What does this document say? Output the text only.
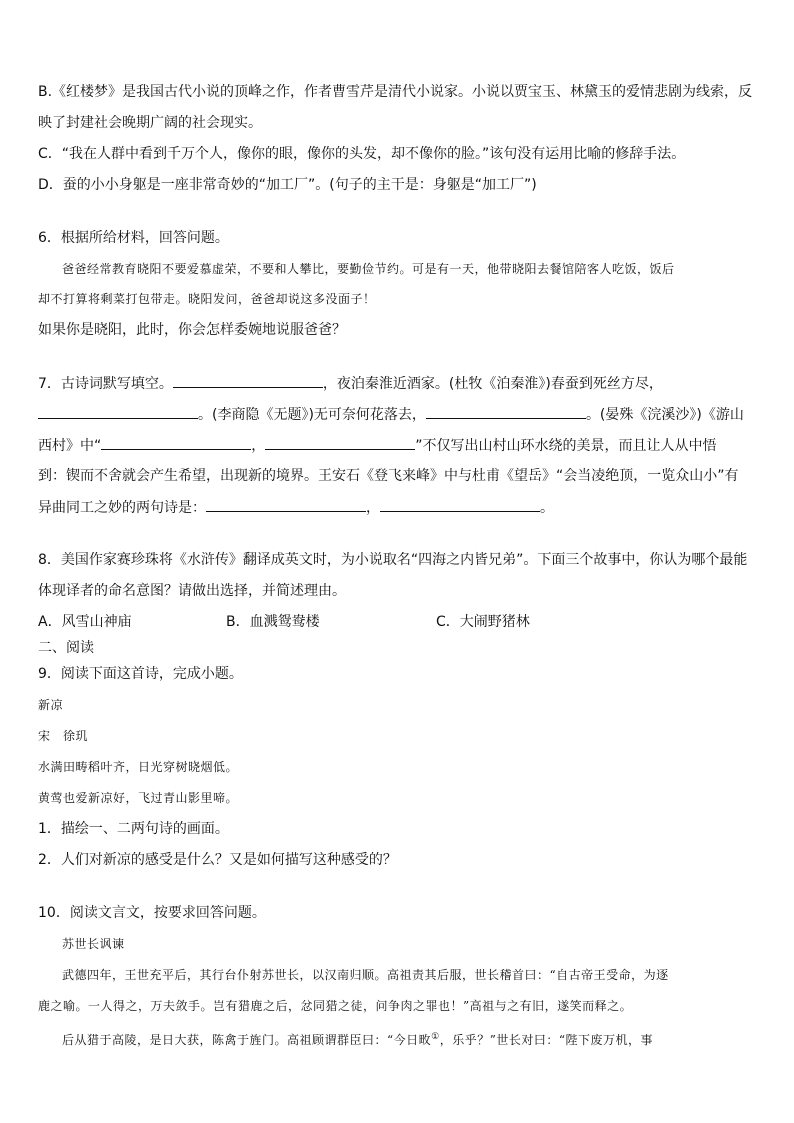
B.《红楼梦》是我国古代小说的顶峰之作，作者曹雪芹是清代小说家。小说以贾宝玉、林黛玉的爱情悲剧为线索，反
映了封建社会晚期广阔的社会现实。
C．“我在人群中看到千万个人，像你的眼，像你的头发，却不像你的脸。”该句没有运用比喻的修辞手法。
D．蚕的小小身躯是一座非常奇妙的“加工厂”。(句子的主干是：身躯是“加工厂”)
6．根据所给材料，回答问题。
爸爸经常教育晓阳不要爱慕虚荣，不要和人攀比，要勤俭节约。可是有一天，他带晓阳去餐馆陪客人吃饭，饭后
却不打算将剩菜打包带走。晓阳发问，爸爸却说这多没面子！
如果你是晓阳，此时，你会怎样委婉地说服爸爸？
7．古诗词默写填空。	，夜泊秦淮近酒家。(杜牧《泊秦淮》)春蚕到死丝方尽，
。(李商隐《无题》)无可奈何花落去，	。(晏殊《浣溪沙》)《游山
西村》中“	，	”不仅写出山村山环水绕的美景，而且让人从中悟
到：锲而不舍就会产生希望，出现新的境界。王安石《登飞来峰》中与杜甫《望岳》“会当凌绝顶，一览众山小”有
异曲同工之妙的两句诗是：	，	。
8．美国作家赛珍珠将《水浒传》翻译成英文时，为小说取名“四海之内皆兄弟”。下面三个故事中，你认为哪个最能
体现译者的命名意图？请做出选择，并简述理由。
A．风雪山神庙	B．血溅鸳鸯楼	C．大闹野猪林
二、阅读
9．阅读下面这首诗，完成小题。
新凉
宋　徐玑
水满田畴稻叶齐，日光穿树晓烟低。
黄莺也爱新凉好，飞过青山影里啼。
1．描绘一、二两句诗的画面。
2．人们对新凉的感受是什么？又是如何描写这种感受的？
10．阅读文言文，按要求回答问题。
苏世长讽谏
武德四年，王世充平后，其行台仆射苏世长，以汉南归顺。高祖责其后服，世长稽首曰：“自古帝王受命，为逐
鹿之喻。一人得之，万夫敛手。岂有猎鹿之后，忿同猎之徒，问争肉之罪也！”高祖与之有旧，遂笑而释之。
后从猎于高陵，是日大获，陈禽于旌门。高祖顾谓群臣曰：“今日畋①，乐乎？”世长对曰：“陛下废万机，事
